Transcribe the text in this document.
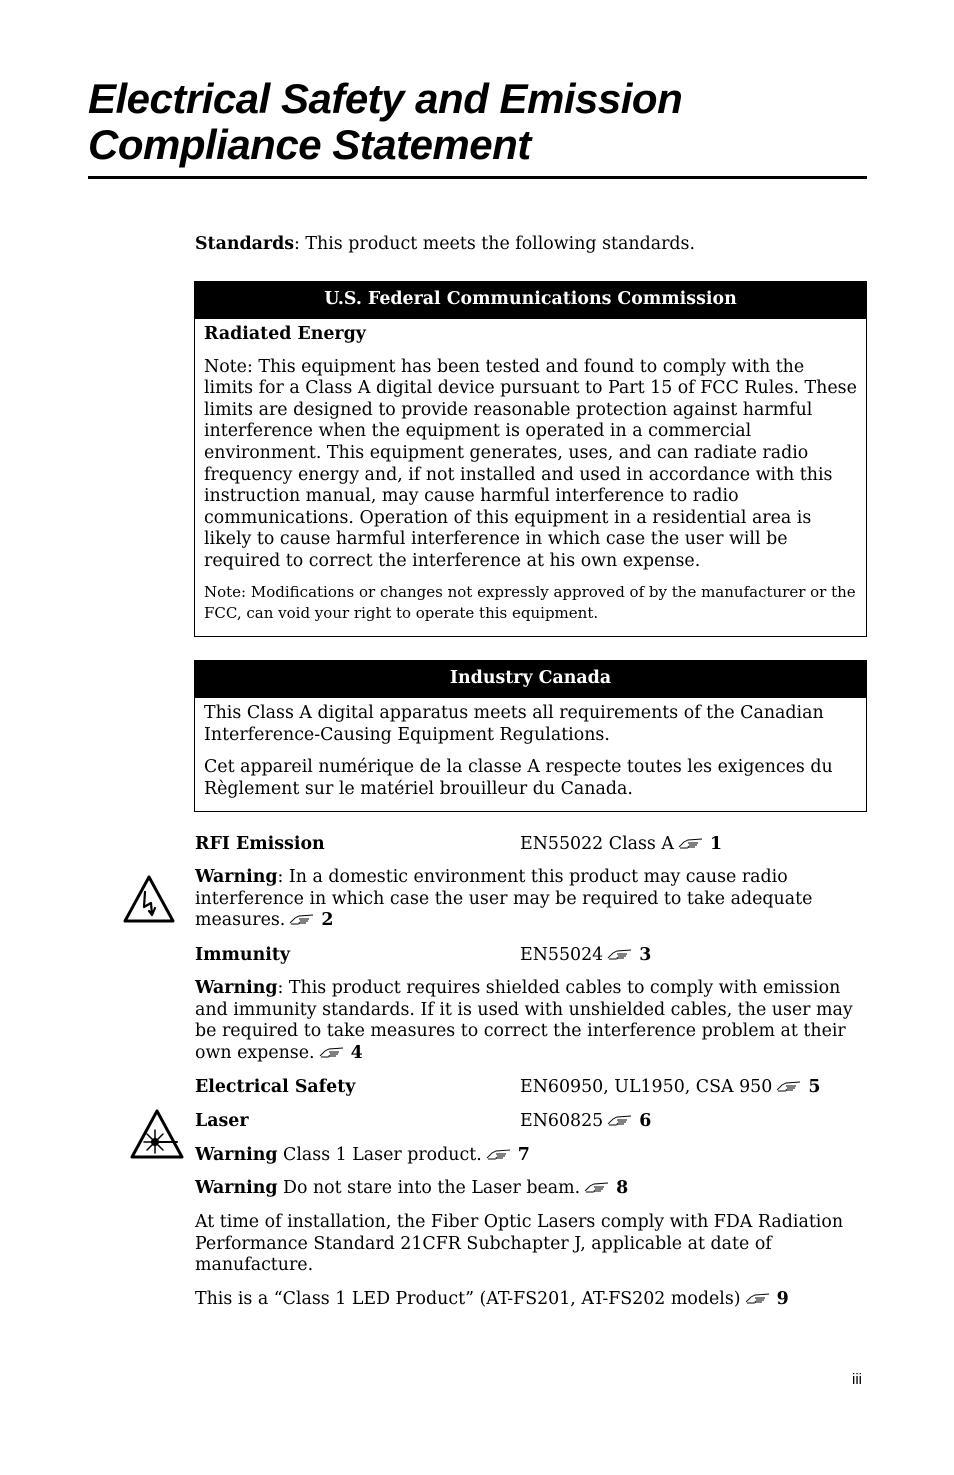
Electrical Safety and Emission
Compliance Statement

Standards: This product meets the following standards.

U.S. Federal Communications Commission

Radiated Energy

Note: This equipment has been tested and found to comply with the limits for a Class A digital device pursuant to Part 15 of FCC Rules. These limits are designed to provide reasonable protection against harmful interference when the equipment is operated in a commercial environment. This equipment generates, uses, and can radiate radio frequency energy and, if not installed and used in accordance with this instruction manual, may cause harmful interference to radio communications. Operation of this equipment in a residential area is likely to cause harmful interference in which case the user will be required to correct the interference at his own expense.

Note: Modifications or changes not expressly approved of by the manufacturer or the FCC, can void your right to operate this equipment.

Industry Canada

This Class A digital apparatus meets all requirements of the Canadian Interference-Causing Equipment Regulations.

Cet appareil numérique de la classe A respecte toutes les exigences du Règlement sur le matériel brouilleur du Canada.

RFI Emission	EN55022 Class A 1

Warning: In a domestic environment this product may cause radio interference in which case the user may be required to take adequate measures. 2

Immunity	EN55024 3

Warning: This product requires shielded cables to comply with emission and immunity standards. If it is used with unshielded cables, the user may be required to take measures to correct the interference problem at their own expense. 4

Electrical Safety	EN60950, UL1950, CSA 950 5
Laser	EN60825 6

Warning Class 1 Laser product. 7

Warning Do not stare into the Laser beam. 8

At time of installation, the Fiber Optic Lasers comply with FDA Radiation Performance Standard 21CFR Subchapter J, applicable at date of manufacture.

This is a “Class 1 LED Product” (AT-FS201, AT-FS202 models) 9

iii
